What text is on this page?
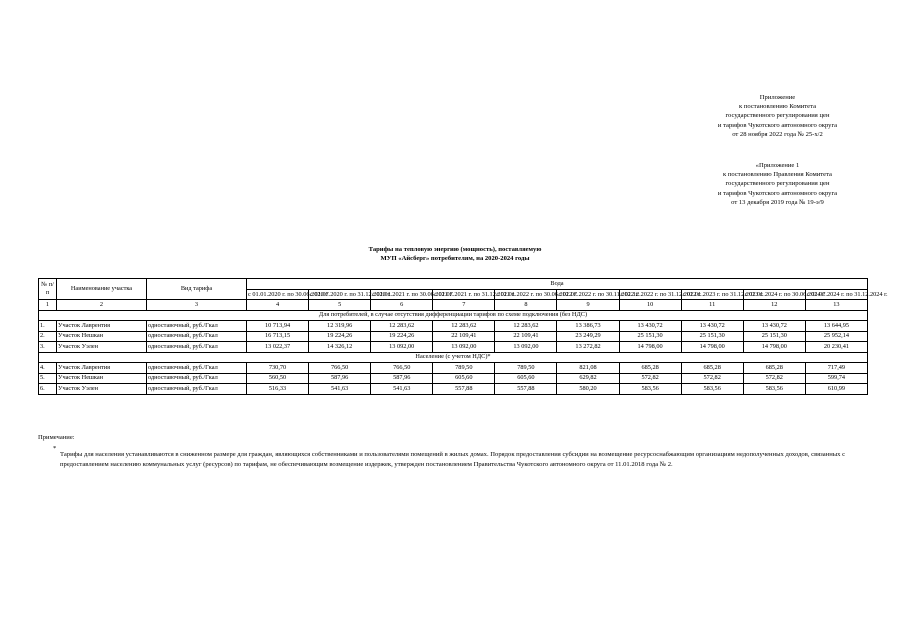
Приложение
к постановлению Комитета
государственного регулирования цен
и тарифов Чукотского автономного округа
от 28 ноября 2022 года № 25-х/2
«Приложение 1
к постановлению Правления Комитета
государственного регулирования цен
и тарифов Чукотского автономного округа
от 13 декабря 2019 года № 19-э/9
Тарифы на тепловую энергию (мощность), поставляемую
МУП «Айсберг» потребителям, на 2020-2024 годы
№ п/п	Наименование участка	Вид тарифа	Вода									
			с 01.01.2020 г. по 30.06.2020 г.	с 01.07.2020 г. по 31.12.2020 г.	с 01.01.2021 г. по 30.06.2021 г.	с 01.07.2021 г. по 31.12.2021 г.	с 01.01.2022 г. по 30.06.2022 г.	с 01.07.2022 г. по 30.11.2022 г.	с 01.12.2022 г. по 31.12.2022 г.	с 01.01.2023 г. по 31.12.2023 г.	с 01.01.2024 г. по 30.06.2024 г.	с 01.07.2024 г. по 31.12.2024 г.
1	2	3	4	5	6	7	8	9	10	11	12	13
Для потребителей, в случае отсутствия дифференциации тарифов по схеме подключения (без НДС)												
1.	Участок Лаврентия	одноставочный, руб./Гкал	10 713,94	12 319,96	12 283,62	12 283,62	12 283,62	13 386,73	13 430,72	13 430,72	13 430,72	13 644,95
2.	Участок Нешкан	одноставочный, руб./Гкал	16 713,15	19 224,26	19 224,26	22 109,41	22 109,41	23 249,29	25 151,30	25 151,30	25 151,30	25 952,14
3.	Участок Уэлен	одноставочный, руб./Гкал	13 022,37	14 326,12	13 092,00	13 092,00	13 092,00	13 272,82	14 798,00	14 798,00	14 798,00	20 230,41
Население (с учетом НДС)*												
4.	Участок Лаврентия	одноставочный, руб./Гкал	730,70	766,50	766,50	789,50	789,50	821,08	685,28	685,28	685,28	717,49
5.	Участок Нешкан	одноставочный, руб./Гкал	560,50	587,96	587,96	605,60	605,60	629,82	572,82	572,82	572,82	599,74
6.	Участок Уэлен	одноставочный, руб./Гкал	516,33	541,63	541,63	557,88	557,88	580,20	583,56	583,56	583,56	610,99
Примечание:
*
Тарифы для населения устанавливаются в сниженном размере для граждан, являющихся собственниками и пользователями помещений в жилых домах. Порядок предоставления субсидии на возмещение ресурсоснабжающим организациям недополученных доходов, связанных с предоставлением населению коммунальных услуг (ресурсов) по тарифам, не обеспечивающим возмещение издержек, утвержден постановлением Правительства Чукотского автономного округа от 11.01.2018 года № 2.
